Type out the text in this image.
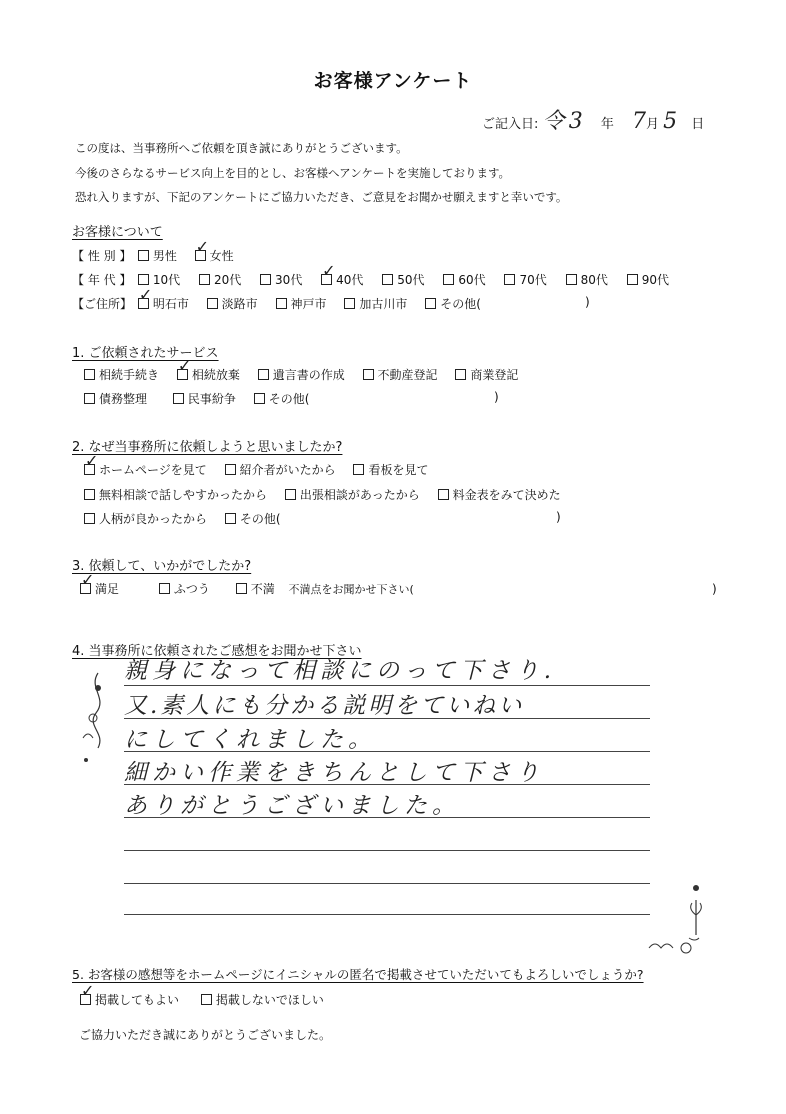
お客様アンケート
ご記入日: 令 3 年 7月 5 日
この度は、当事務所へご依頼を頂き誠にありがとうございます。
今後のさらなるサービス向上を目的とし、お客様へアンケートを実施しております。
恐れ入りますが、下記のアンケートにご協力いただき、ご意見をお聞かせ願えますと幸いです。
お客様について
【 性 別 】 男性 ✓	女性
【 年 代 】 10代	20代	30代 ✓	40代	50代	60代	70代	80代	90代
【ご住所】 ✓ 明石市	淡路市	神戸市	加古川市	その他(	)
1. ご依頼されたサービス
相続手続き ✓	相続放棄	遺言書の作成	不動産登記	商業登記
債務整理	民事紛争	その他(	)
2. なぜ当事務所に依頼しようと思いましたか?
✓ホームページを見て	紹介者がいたから	看板を見て
無料相談で話しやすかったから	出張相談があったから	料金表をみて決めた
人柄が良かったから	その他(	)
3. 依頼して、いかがでしたか?
✓満足	ふつう	不満 不満点をお聞かせ下さい(	)
4. 当事務所に依頼されたご感想をお聞かせ下さい
親身になって相談にのって下さり.
又.素人にも分かる説明をていねい
にしてくれました。
細かい作業をきちんとして下さり
ありがとうございました。
5. お客様の感想等をホームページにイニシャルの匿名で掲載させていただいてもよろしいでしょうか?
✓掲載してもよい	掲載しないでほしい
ご協力いただき誠にありがとうございました。
